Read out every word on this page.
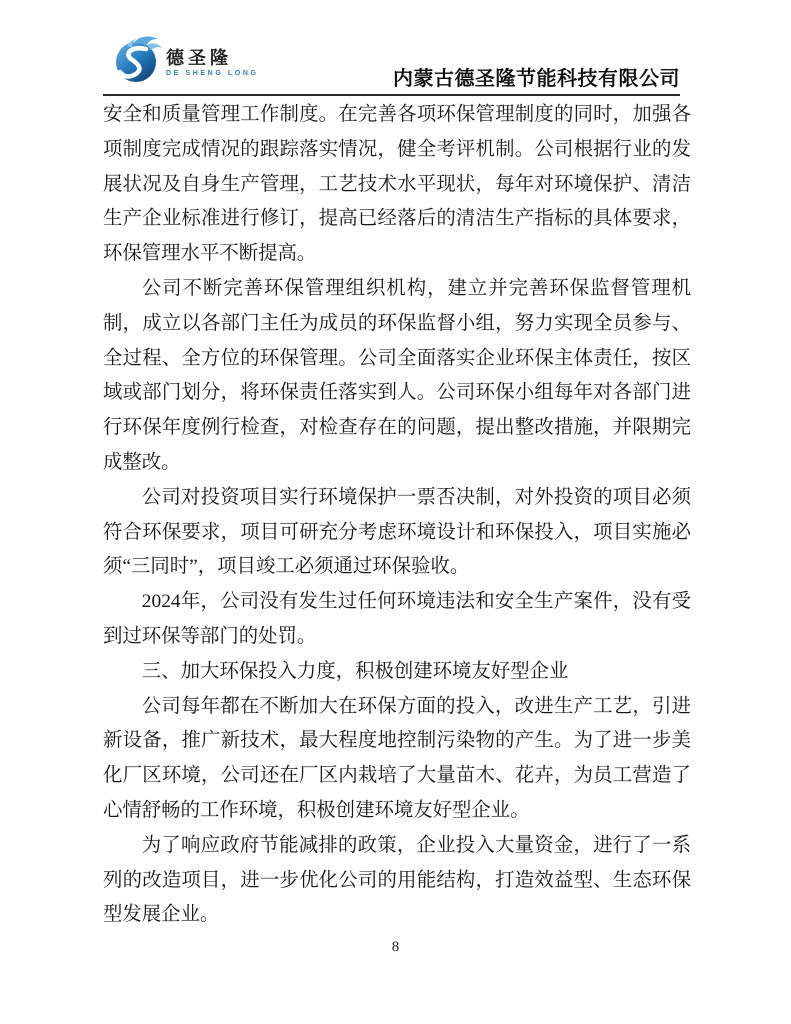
德圣隆
DE SHENG LONG	内蒙古德圣隆节能科技有限公司

安全和质量管理工作制度。在完善各项环保管理制度的同时，加强各项制度完成情况的跟踪落实情况，健全考评机制。公司根据行业的发展状况及自身生产管理，工艺技术水平现状，每年对环境保护、清洁生产企业标准进行修订，提高已经落后的清洁生产指标的具体要求，环保管理水平不断提高。

公司不断完善环保管理组织机构，建立并完善环保监督管理机制，成立以各部门主任为成员的环保监督小组，努力实现全员参与、全过程、全方位的环保管理。公司全面落实企业环保主体责任，按区域或部门划分，将环保责任落实到人。公司环保小组每年对各部门进行环保年度例行检查，对检查存在的问题，提出整改措施，并限期完成整改。

公司对投资项目实行环境保护一票否决制，对外投资的项目必须符合环保要求，项目可研充分考虑环境设计和环保投入，项目实施必须“三同时”，项目竣工必须通过环保验收。

2024年，公司没有发生过任何环境违法和安全生产案件，没有受到过环保等部门的处罚。

三、加大环保投入力度，积极创建环境友好型企业

公司每年都在不断加大在环保方面的投入，改进生产工艺，引进新设备，推广新技术，最大程度地控制污染物的产生。为了进一步美化厂区环境，公司还在厂区内栽培了大量苗木、花卉，为员工营造了心情舒畅的工作环境，积极创建环境友好型企业。

为了响应政府节能减排的政策，企业投入大量资金，进行了一系列的改造项目，进一步优化公司的用能结构，打造效益型、生态环保型发展企业。

8
